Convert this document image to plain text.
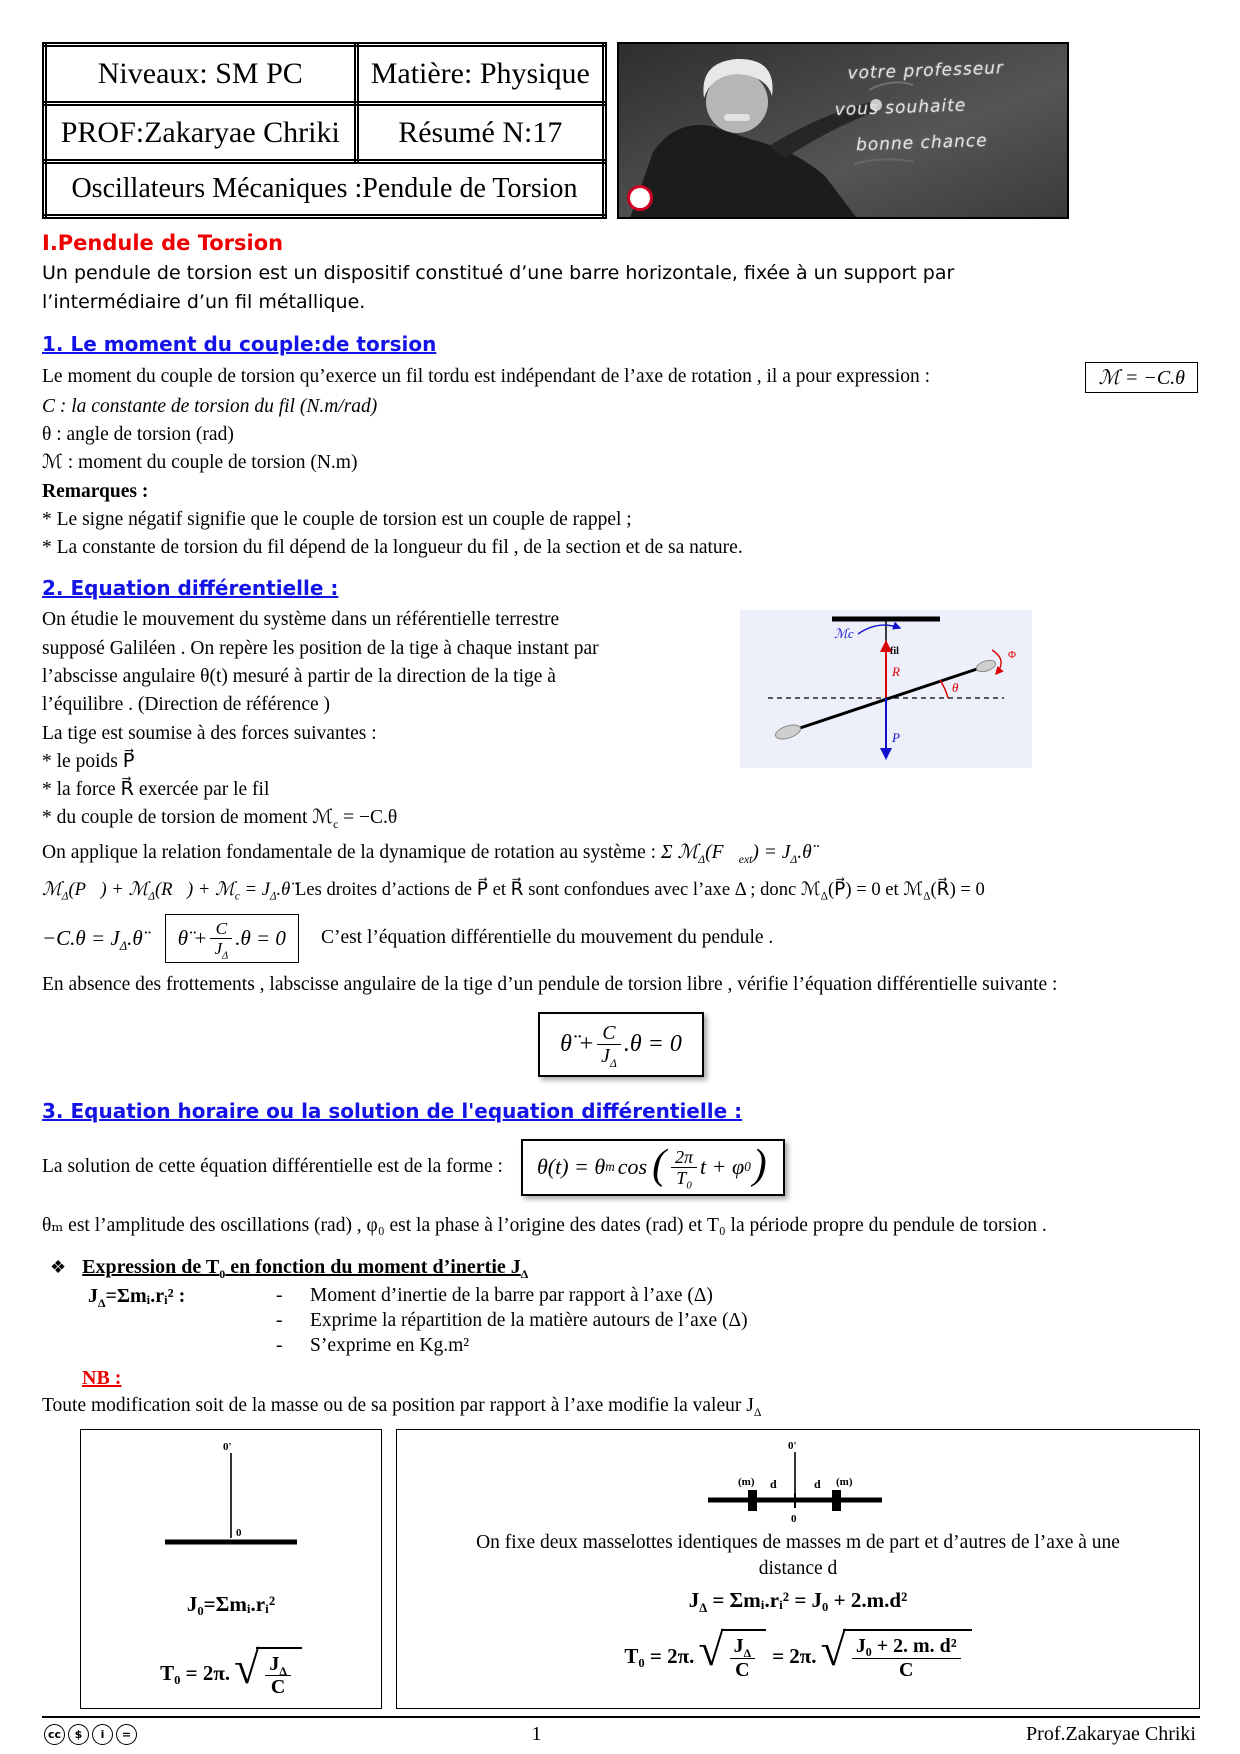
Niveaux: SM PC	Matière: Physique
PROF:Zakaryae Chriki	Résumé N:17
Oscillateurs Mécaniques :Pendule de Torsion	
votre professeur
vous souhaite
bonne chance
I.Pendule de Torsion
Un pendule de torsion est un dispositif constitué d’une barre horizontale, fixée à un support par
l’intermédiaire d’un fil métallique.
1. Le moment du couple:de torsion
Le moment du couple de torsion qu’exerce un fil tordu est indépendant de l’axe de rotation , il a pour expression :	ℳ = −C.θ
C : la constante de torsion du fil (N.m/rad)
θ : angle de torsion (rad)
ℳ : moment du couple de torsion (N.m)
Remarques :
* Le signe négatif signifie que le couple de torsion est un couple de rappel ;
* La constante de torsion du fil dépend de la longueur du fil , de la section et de sa nature.
2. Equation différentielle :
On étudie le mouvement du système dans un référentielle terrestre
supposé Galiléen . On repère les position de la tige à chaque instant par
l’abscisse angulaire θ(t) mesuré à partir de la direction de la tige à
l’équilibre . (Direction de référence )
La tige est soumise à des forces suivantes :
* le poids P⃗
* la force R⃗ exercée par le fil
* du couple de torsion de moment ℳ$_c$ = −C.θ
fil
ℳc
R⃗
θ
Φ
P⃗
On applique la relation fondamentale de la dynamique de rotation au système : Σ $ℳ_\Delta(F⃗_{ext})$ = $J_\Delta.\thetä$
ℳ$_\Delta$(P⃗) + ℳ$_\Delta$(R⃗) + ℳ$_c$ = $J_\Delta.\thetä$ Les droites d’actions de P⃗ et R⃗ sont confondues avec l’axe Δ ; donc ℳ$_\Delta$(P⃗) = 0 et ℳ$_\Delta$(R⃗) = 0
$-C.\theta = J_\Delta.\thetä$ θ̈ + $\frac{C}{J_\Delta} .\theta = 0$ C’est l’équation différentielle du mouvement du pendule .
En absence des frottements , labscisse angulaire de la tige d’un pendule de torsion libre , vérifie l’équation différentielle suivante :
θ̈ + $\frac{C}{J_\Delta} .\theta = 0$
3. Equation horaire ou la solution de l'equation différentielle :
La solution de cette équation différentielle est de la forme : θ(t) = θ m cos ( $\frac{2\pi}{T_0}$ t + φ 0 )
θₘ est l’amplitude des oscillations (rad) , φ₀ est la phase à l’origine des dates (rad) et T₀ la période propre du pendule de torsion .
❖ Expression de $T_0$ en fonction du moment d’inertie $J_\Delta$
$J_\Delta=\Sigma mᵢ.rᵢ^2$ :	-	Moment d’inertie de la barre par rapport à l’axe (Δ)
-	Exprime la répartition de la matière autours de l’axe (Δ)
-	S’exprime en Kg.m²
NB :
Toute modification soit de la masse ou de sa position par rapport à l’axe modifie la valeur $J_\Delta$
0'
0
J₀=Σmᵢ.rᵢ²
T₀ = 2π. √ $\frac{J_\Delta}{C}$
0'
(m) d	d (m)
0
On fixe deux masselottes identiques de masses m de part et d’autres de l’axe à une
distance d
$J_\Delta$ = Σmᵢ.rᵢ² = J₀ + 2.m.d²
T₀ = 2π. √ $\frac{J_\Delta}{C} = 2\pi$. √ $\frac{\text{J₀ + 2. m. d²}}{C}$
cc	$	i	=	1	Prof.Zakaryae Chriki
